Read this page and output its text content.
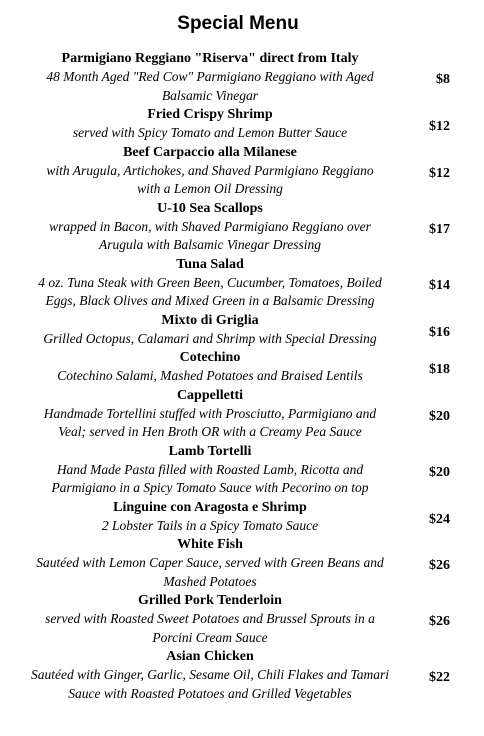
Special Menu
Parmigiano Reggiano "Riserva" direct from Italy
48 Month Aged "Red Cow" Parmigiano Reggiano with Aged
Balsamic Vinegar
$8
Fried Crispy Shrimp
served with Spicy Tomato and Lemon Butter Sauce	$12
Beef Carpaccio alla Milanese
with Arugula, Artichokes, and Shaved Parmigiano Reggiano
with a Lemon Oil Dressing
$12
U-10 Sea Scallops
wrapped in Bacon, with Shaved Parmigiano Reggiano over
Arugula with Balsamic Vinegar Dressing
$17
Tuna Salad
4 oz. Tuna Steak with Green Been, Cucumber, Tomatoes, Boiled
Eggs, Black Olives and Mixed Green in a Balsamic Dressing
$14
Mixto di Griglia
Grilled Octopus, Calamari and Shrimp with Special Dressing	$16
Cotechino
Cotechino Salami, Mashed Potatoes and Braised Lentils	$18
Cappelletti
Handmade Tortellini stuffed with Prosciutto, Parmigiano and
Veal; served in Hen Broth OR with a Creamy Pea Sauce
$20
Lamb Tortelli
Hand Made Pasta filled with Roasted Lamb, Ricotta and
Parmigiano in a Spicy Tomato Sauce with Pecorino on top
$20
Linguine con Aragosta e Shrimp
2 Lobster Tails in a Spicy Tomato Sauce	$24
White Fish
Sautéed with Lemon Caper Sauce, served with Green Beans and
Mashed Potatoes
$26
Grilled Pork Tenderloin
served with Roasted Sweet Potatoes and Brussel Sprouts in a
Porcini Cream Sauce
$26
Asian Chicken
Sautéed with Ginger, Garlic, Sesame Oil, Chili Flakes and Tamari
Sauce with Roasted Potatoes and Grilled Vegetables
$22
